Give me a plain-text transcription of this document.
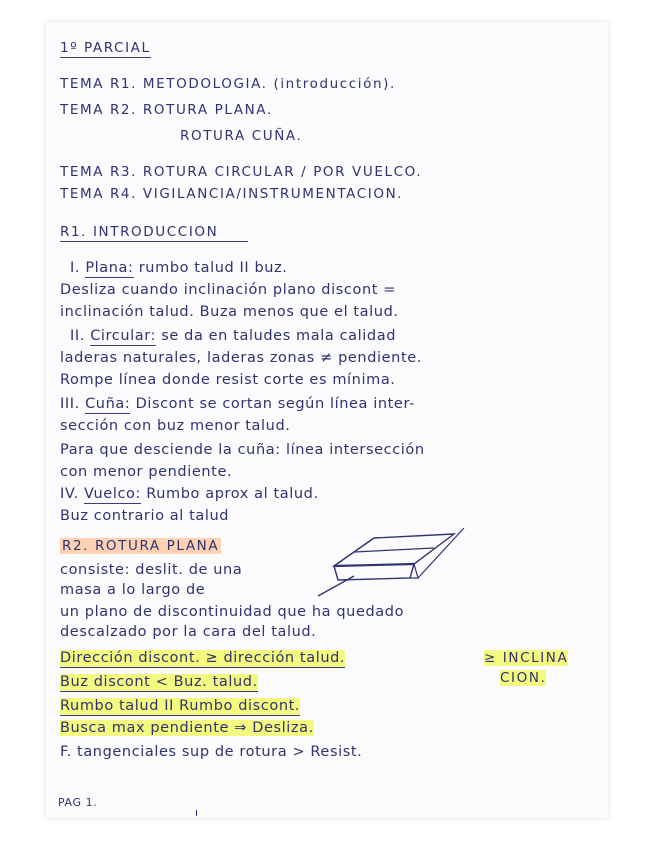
1º PARCIAL
TEMA R1. METODOLOGIA. (introducción).
TEMA R2. ROTURA PLANA.
ROTURA CUÑA.
TEMA R3. ROTURA CIRCULAR / POR VUELCO.
TEMA R4. VIGILANCIA/INSTRUMENTACION.
R1. INTRODUCCION
I. Plana: rumbo talud II buz.
Desliza cuando inclinación plano discont =
inclinación talud. Buza menos que el talud.
II. Circular: se da en taludes mala calidad
laderas naturales, laderas zonas ≠ pendiente.
Rompe línea donde resist corte es mínima.
III. Cuña: Discont se cortan según línea inter-
sección con buz menor talud.
Para que desciende la cuña: línea intersección
con menor pendiente.
IV. Vuelco: Rumbo aprox al talud.
Buz contrario al talud
R2. ROTURA PLANA
consiste: deslit. de una
masa a lo largo de
un plano de discontinuidad que ha quedado
descalzado por la cara del talud.
Dirección discont. ≥ dirección talud.	≥ INCLINA
Buz discont < Buz. talud.	CION.
Rumbo talud II Rumbo discont.
Busca max pendiente ⇒ Desliza.
F. tangenciales sup de rotura > Resist.
PAG 1.
